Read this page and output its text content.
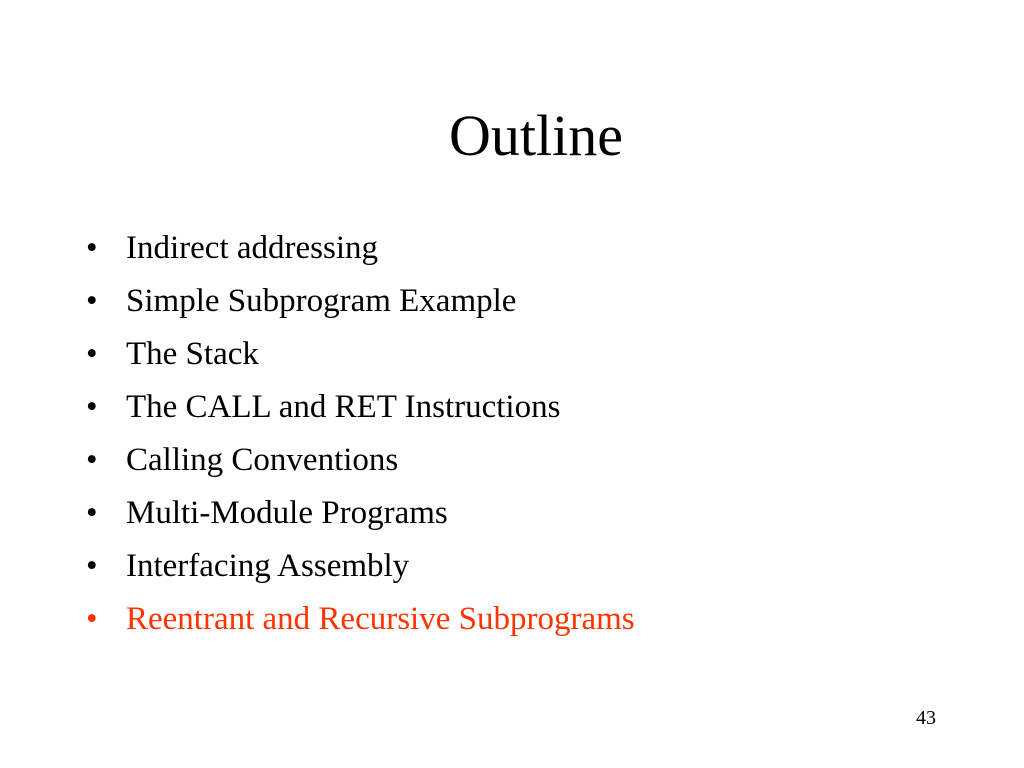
Outline
• Indirect addressing
• Simple Subprogram Example
• The Stack
• The CALL and RET Instructions
• Calling Conventions
• Multi-Module Programs
• Interfacing Assembly
• Reentrant and Recursive Subprograms
43
